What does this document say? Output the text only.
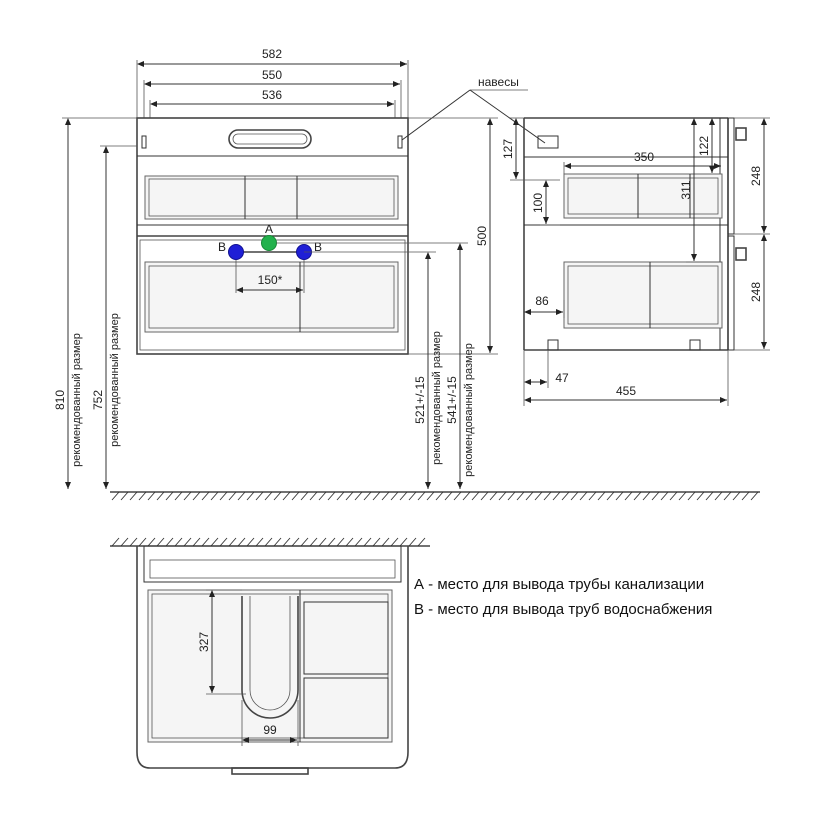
582
550
536
150*
A
B	B
навесы
500
810 рекомендованный размер 752 рекомендованный размер	521+/-15 рекомендованный размер 541+/-15 рекомендованный размер
127
100
350
122
311
248
248
86
47
455
327
99
А - место для вывода трубы канализации
В - место для вывода труб водоснабжения
